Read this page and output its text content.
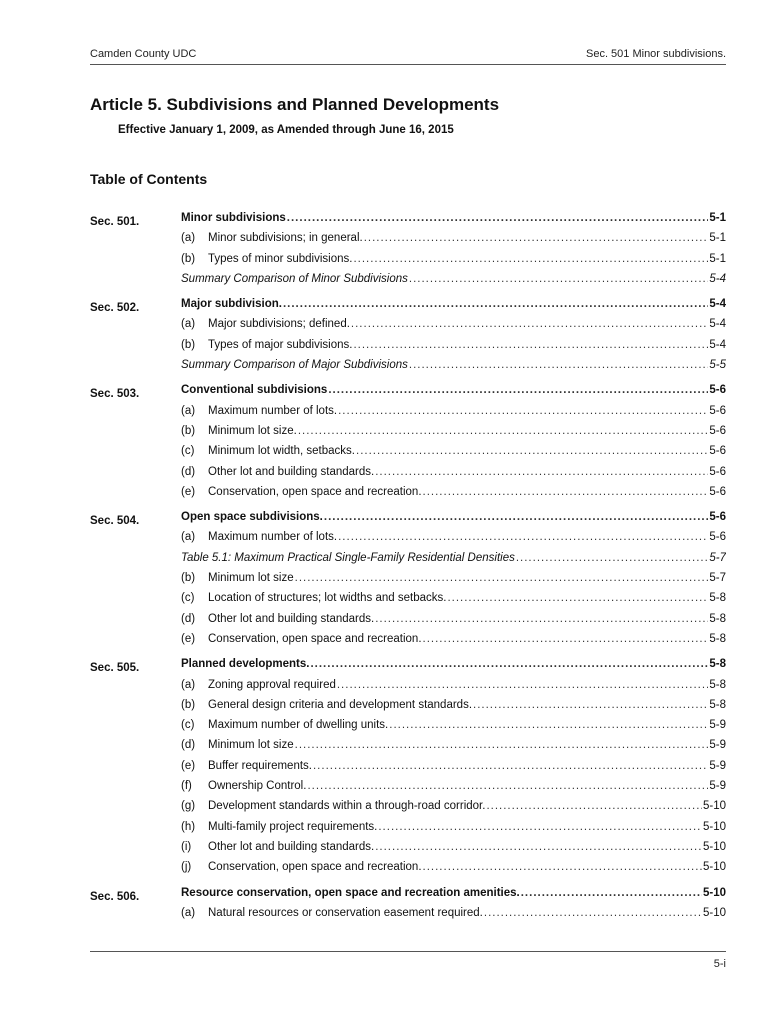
Camden County UDC	Sec. 501 Minor subdivisions.
Article 5. Subdivisions and Planned Developments
Effective January 1, 2009, as Amended through June 16, 2015
Table of Contents
Sec. 501.	Minor subdivisions .....	5-1
(a) Minor subdivisions; in general. .....	5-1
(b) Types of minor subdivisions. .....	5-1
Summary Comparison of Minor Subdivisions .....	5-4
Sec. 502.	Major subdivision. .....	5-4
(a) Major subdivisions; defined. .....	5-4
(b) Types of major subdivisions. .....	5-4
Summary Comparison of Major Subdivisions .....	5-5
Sec. 503.	Conventional subdivisions .....	5-6
(a) Maximum number of lots. .....	5-6
(b) Minimum lot size. .....	5-6
(c) Minimum lot width, setbacks. .....	5-6
(d) Other lot and building standards. .....	5-6
(e) Conservation, open space and recreation. .....	5-6
Sec. 504.	Open space subdivisions. .....	5-6
(a) Maximum number of lots. .....	5-6
Table 5.1: Maximum Practical Single-Family Residential Densities .....	5-7
(b) Minimum lot size .....	5-7
(c) Location of structures; lot widths and setbacks. .....	5-8
(d) Other lot and building standards. .....	5-8
(e) Conservation, open space and recreation. .....	5-8
Sec. 505.	Planned developments. .....	5-8
(a) Zoning approval required .....	5-8
(b) General design criteria and development standards. .....	5-8
(c) Maximum number of dwelling units. .....	5-9
(d) Minimum lot size .....	5-9
(e) Buffer requirements. .....	5-9
(f) Ownership Control. .....	5-9
(g) Development standards within a through-road corridor. .....	5-10
(h) Multi-family project requirements. .....	5-10
(i) Other lot and building standards. .....	5-10
(j) Conservation, open space and recreation. .....	5-10
Sec. 506.	Resource conservation, open space and recreation amenities. .....	5-10
(a) Natural resources or conservation easement required. .....	5-10
5-i
